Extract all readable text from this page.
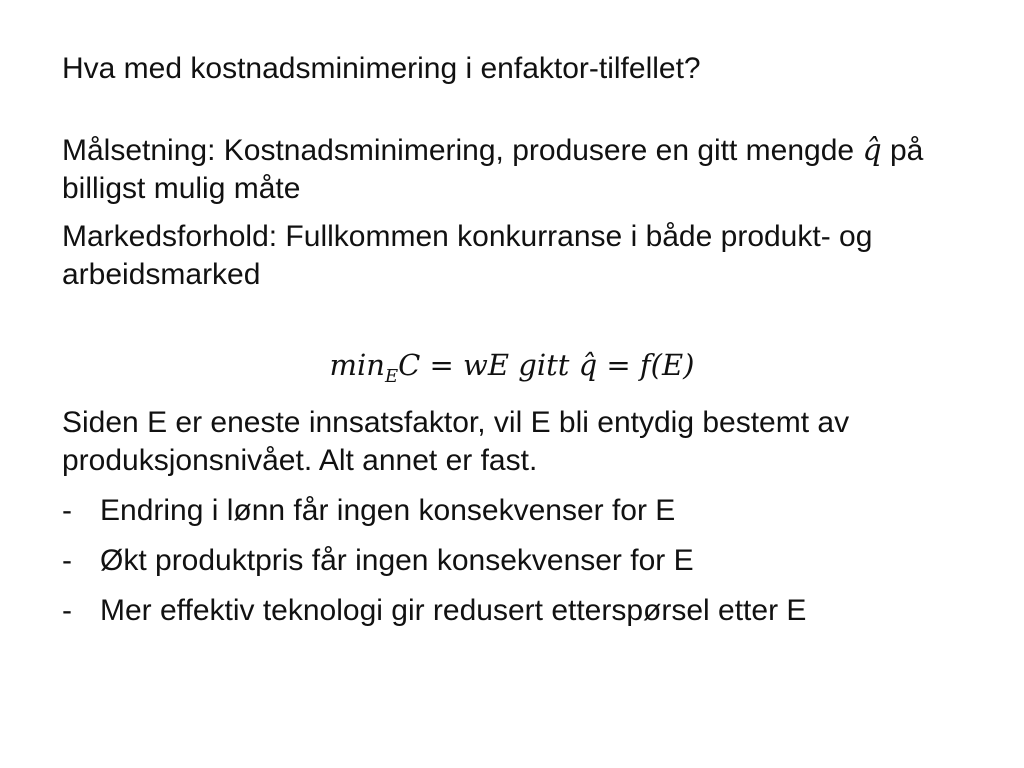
Hva med kostnadsminimering i enfaktor-tilfellet?

Målsetning: Kostnadsminimering, produsere en gitt mengde q̂ på billigst mulig måte

Markedsforhold: Fullkommen konkurranse i både produkt- og arbeidsmarked

$\min_EC$ = wE gitt q̂ = f(E)

Siden E er eneste innsatsfaktor, vil E bli entydig bestemt av produksjonsnivået. Alt annet er fast.

- Endring i lønn får ingen konsekvenser for E
- Økt produktpris får ingen konsekvenser for E
- Mer effektiv teknologi gir redusert etterspørsel etter E
